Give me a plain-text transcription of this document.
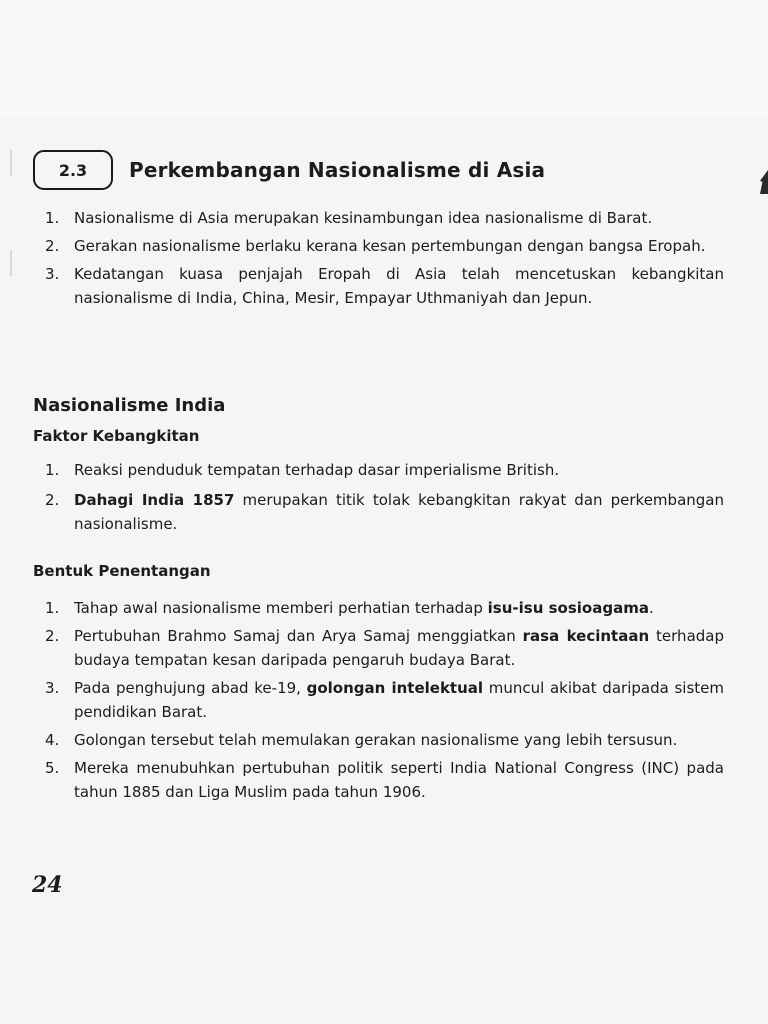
2.3 Perkembangan Nasionalisme di Asia
1. Nasionalisme di Asia merupakan kesinambungan idea nasionalisme di Barat.
2. Gerakan nasionalisme berlaku kerana kesan pertembungan dengan bangsa Eropah.
3. Kedatangan kuasa penjajah Eropah di Asia telah mencetuskan kebangkitan nasionalisme di India, China, Mesir, Empayar Uthmaniyah dan Jepun.
Nasionalisme India
Faktor Kebangkitan
1. Reaksi penduduk tempatan terhadap dasar imperialisme British.
2. Dahagi India 1857 merupakan titik tolak kebangkitan rakyat dan perkembangan nasionalisme.
Bentuk Penentangan
1. Tahap awal nasionalisme memberi perhatian terhadap isu-isu sosioagama.
2. Pertubuhan Brahmo Samaj dan Arya Samaj menggiatkan rasa kecintaan terhadap budaya tempatan kesan daripada pengaruh budaya Barat.
3. Pada penghujung abad ke-19, golongan intelektual muncul akibat daripada sistem pendidikan Barat.
4. Golongan tersebut telah memulakan gerakan nasionalisme yang lebih tersusun.
5. Mereka menubuhkan pertubuhan politik seperti India National Congress (INC) pada tahun 1885 dan Liga Muslim pada tahun 1906.
24
